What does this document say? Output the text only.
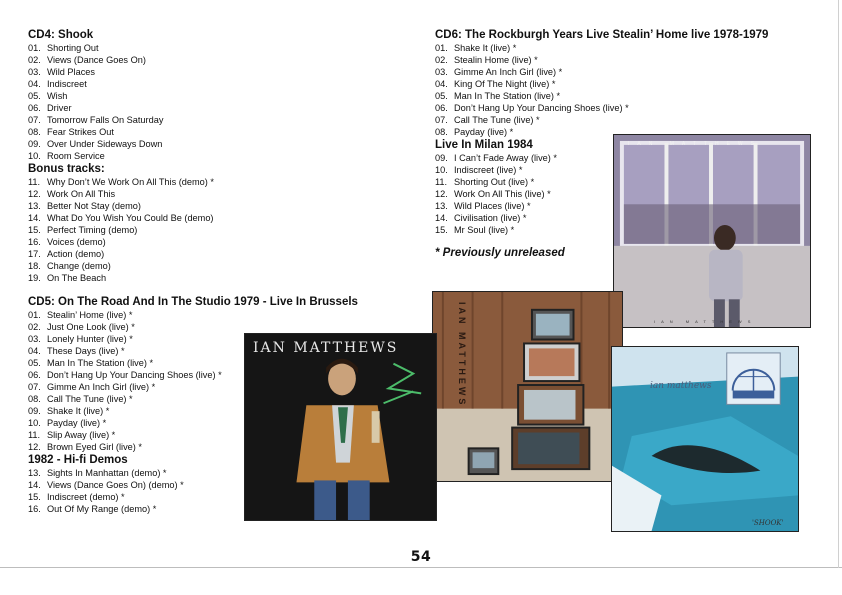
CD4: Shook
01. Shorting Out
02. Views (Dance Goes On)
03. Wild Places
04. Indiscreet
05. Wish
06. Driver
07. Tomorrow Falls On Saturday
08. Fear Strikes Out
09. Over Under Sideways Down
10. Room Service
Bonus tracks:
11. Why Don’t We Work On All This (demo) *
12. Work On All This
13. Better Not Stay (demo)
14. What Do You Wish You Could Be (demo)
15. Perfect Timing (demo)
16. Voices (demo)
17. Action (demo)
18. Change (demo)
19. On The Beach
CD5: On The Road And In The Studio 1979 - Live In Brussels
01. Stealin’ Home (live) *
02. Just One Look (live) *
03. Lonely Hunter (live) *
04. These Days (live) *
05. Man In The Station (live) *
06. Don’t Hang Up Your Dancing Shoes (live) *
07. Gimme An Inch Girl (live) *
08. Call The Tune (live) *
09. Shake It (live) *
10. Payday (live) *
11. Slip Away (live) *
12. Brown Eyed Girl (live) *
1982 - Hi-fi Demos
13. Sights In Manhattan (demo) *
14. Views (Dance Goes On) (demo) *
15. Indiscreet (demo) *
16. Out Of My Range (demo) *
CD6: The Rockburgh Years Live Stealin’ Home live 1978-1979
01. Shake It (live) *
02. Stealin Home (live) *
03. Gimme An Inch Girl (live) *
04. King Of The Night (live) *
05. Man In The Station (live) *
06. Don’t Hang Up Your Dancing Shoes (live) *
07. Call The Tune (live) *
08. Payday (live) *
Live In Milan 1984
09. I Can’t Fade Away (live) *
10. Indiscreet (live) *
11. Shorting Out (live) *
12. Work On All This (live) *
13. Wild Places (live) *
14. Civilisation (live) *
15. Mr Soul (live) *
* Previously unreleased
IAN MATTHEWS
IAN MATTHEWS
IAN MATTHEWS	ian matthews
'SHOOK'
IAN MATTHEWS
54
